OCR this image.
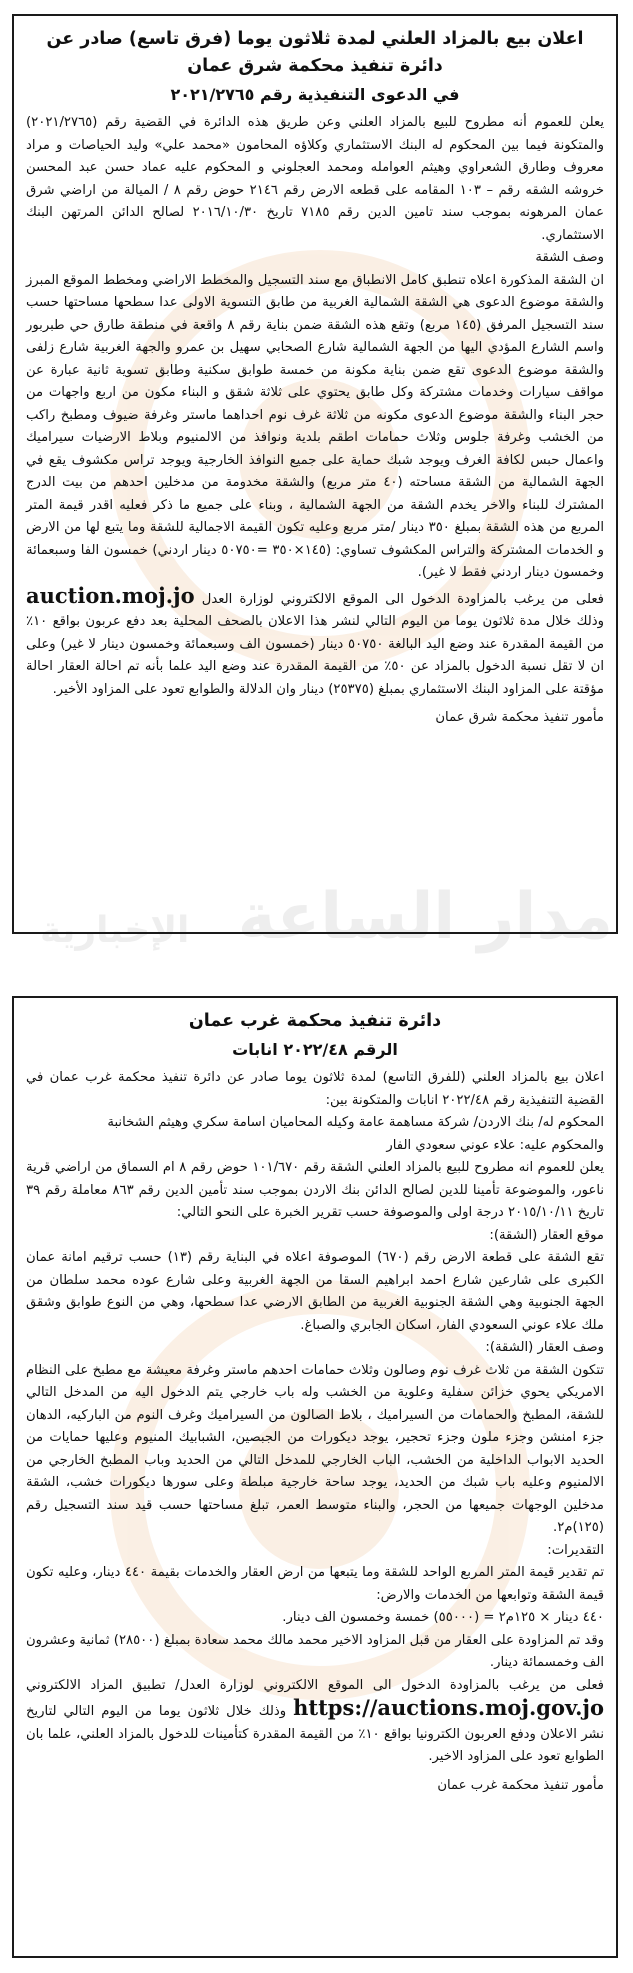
مدار الساعة
الإخبارية
اعلان بيع بالمزاد العلني لمدة ثلاثون يوما (فرق تاسع) صادر عن
دائرة تنفيذ محكمة شرق عمان
في الدعوى التنفيذية رقم ٢٠٢١/٢٧٦٥

يعلن للعموم أنه مطروح للبيع بالمزاد العلني وعن طريق هذه الدائرة في القضية رقم (٢٠٢١/٢٧٦٥) والمتكونة فيما بين المحكوم له البنك الاستثماري وكلاؤه المحامون «محمد علي» وليد الحياصات و مراد معروف وطارق الشعراوي وهيثم العوامله ومحمد العجلوني و المحكوم عليه عماد حسن عبد المحسن خروشه الشقه رقم – ١٠٣ المقامه على قطعه الارض رقم ٢١٤٦ حوض رقم ٨ / الميالة من اراضي شرق عمان المرهونه بموجب سند تامين الدين رقم ٧١٨٥ تاريخ ٢٠١٦/١٠/٣٠ لصالح الدائن المرتهن البنك الاستثماري.

وصف الشقة

ان الشقة المذكورة اعلاه تنطبق كامل الانطباق مع سند التسجيل والمخطط الاراضي ومخطط الموقع المبرز والشقة موضوع الدعوى هي الشقة الشمالية الغربية من طابق التسوية الاولى عدا سطحها مساحتها حسب سند التسجيل المرفق (١٤٥ مربع) وتقع هذه الشقة ضمن بناية رقم ٨ واقعة في منطقة طارق حي طبربور واسم الشارع المؤدي اليها من الجهة الشمالية شارع الصحابي سهيل بن عمرو والجهة الغربية شارع زلفى والشقة موضوع الدعوى تقع ضمن بناية مكونة من خمسة طوابق سكنية وطابق تسوية ثانية عبارة عن مواقف سيارات وخدمات مشتركة وكل طابق يحتوي على ثلاثة شقق و البناء مكون من اربع واجهات من حجر البناء والشقة موضوع الدعوى مكونه من ثلاثة غرف نوم احداهما ماستر وغرفة ضيوف ومطبخ راكب من الخشب وغرفة جلوس وثلاث حمامات اطقم بلدية ونوافذ من الالمنيوم وبلاط الارضيات سيراميك واعمال حبس لكافة الغرف ويوجد شبك حماية على جميع النوافذ الخارجية ويوجد تراس مكشوف يقع في الجهة الشمالية من الشقة مساحته (٤٠ متر مربع) والشقة مخدومة من مدخلين احدهم من بيت الدرج المشترك للبناء والاخر يخدم الشقة من الجهة الشمالية ، وبناء على جميع ما ذكر فعليه اقدر قيمة المتر المربع من هذه الشقة بمبلغ ٣٥٠ دينار /متر مربع وعليه تكون القيمة الاجمالية للشقة وما يتبع لها من الارض و الخدمات المشتركة والتراس المكشوف تساوي: (١٤٥×٣٥٠ =٥٠٧٥٠ دينار اردني) خمسون الفا وسبعمائة وخمسون دينار اردني فقط لا غير).

فعلى من يرغب بالمزاودة الدخول الى الموقع الالكتروني لوزارة العدل auction.moj.jo وذلك خلال مدة ثلاثون يوما من اليوم التالي لنشر هذا الاعلان بالصحف المحلية بعد دفع عربون بواقع ١٠٪ من القيمة المقدرة عند وضع اليد البالغة ٥٠٧٥٠ دينار (خمسون الف وسبعمائة وخمسون دينار لا غير) وعلى ان لا تقل نسبة الدخول بالمزاد عن ٥٠٪ من القيمة المقدرة عند وضع اليد علما بأنه تم احالة العقار احالة مؤقتة على المزاود البنك الاستثماري بمبلغ (٢٥٣٧٥) دينار وان الدلالة والطوابع تعود على المزاود الأخير.

مأمور تنفيذ محكمة شرق عمان

دائرة تنفيذ محكمة غرب عمان
الرقم ٢٠٢٢/٤٨ انابات

اعلان بيع بالمزاد العلني (للفرق التاسع) لمدة ثلاثون يوما صادر عن دائرة تنفيذ محكمة غرب عمان في القضية التنفيذية رقم ٢٠٢٢/٤٨ انابات والمتكونة بين:

المحكوم له/ بنك الاردن/ شركة مساهمة عامة وكيله المحاميان اسامة سكري وهيثم الشخانبة

والمحكوم عليه: علاء عوني سعودي الفار

يعلن للعموم انه مطروح للبيع بالمزاد العلني الشقة رقم ١٠١/٦٧٠ حوض رقم ٨ ام السماق من اراضي قرية ناعور، والموضوعة تأمينا للدين لصالح الدائن بنك الاردن بموجب سند تأمين الدين رقم ٨٦٣ معاملة رقم ٣٩ تاريخ ٢٠١٥/١٠/١١ درجة اولى والموصوفة حسب تقرير الخبرة على النحو التالي:

موقع العقار (الشقة):

تقع الشقة على قطعة الارض رقم (٦٧٠) الموصوفة اعلاه في البناية رقم (١٣) حسب ترقيم امانة عمان الكبرى على شارعين شارع احمد ابراهيم السقا من الجهة الغربية وعلى شارع عوده محمد سلطان من الجهة الجنوبية وهي الشقة الجنوبية الغربية من الطابق الارضي عدا سطحها، وهي من النوع طوابق وشقق ملك علاء عوني السعودي الفار، اسكان الجابري والصباغ.

وصف العقار (الشقة):

تتكون الشقة من ثلاث غرف نوم وصالون وثلاث حمامات احدهم ماستر وغرفة معيشة مع مطبخ على النظام الامريكي يحوي خزائن سفلية وعلوية من الخشب وله باب خارجي يتم الدخول اليه من المدخل التالي للشقة، المطبخ والحمامات من السيراميك ، بلاط الصالون من السيراميك وغرف النوم من الباركيه، الدهان جزء امنشن وجزء ملون وجزء تحجير، يوجد ديكورات من الجبصين، الشبابيك المنيوم وعليها حمايات من الحديد الابواب الداخلية من الخشب، الباب الخارجي للمدخل التالي من الحديد وباب المطبخ الخارجي من الالمنيوم وعليه باب شبك من الحديد، يوجد ساحة خارجية مبلطة وعلى سورها ديكورات خشب، الشقة مدخلين الوجهات جميعها من الحجر، والبناء متوسط العمر، تبلغ مساحتها حسب قيد سند التسجيل رقم (١٢٥)م٢.

التقديرات:

تم تقدير قيمة المتر المربع الواحد للشقة وما يتبعها من ارض العقار والخدمات بقيمة ٤٤٠ دينار، وعليه تكون قيمة الشقة وتوابعها من الخدمات والارض:

٤٤٠ دينار × ١٢٥م٢ = (٥٥٠٠٠) خمسة وخمسون الف دينار.

وقد تم المزاودة على العقار من قبل المزاود الاخير محمد مالك محمد سعادة بمبلغ (٢٨٥٠٠) ثمانية وعشرون الف وخمسمائة دينار.

فعلى من يرغب بالمزاودة الدخول الى الموقع الالكتروني لوزارة العدل/ تطبيق المزاد الالكتروني https://auctions.moj.gov.jo وذلك خلال ثلاثون يوما من اليوم التالي لتاريخ نشر الاعلان ودفع العربون الكترونيا بواقع ١٠٪ من القيمة المقدرة كتأمينات للدخول بالمزاد العلني، علما بان الطوابع تعود على المزاود الاخير.

مأمور تنفيذ محكمة غرب عمان
